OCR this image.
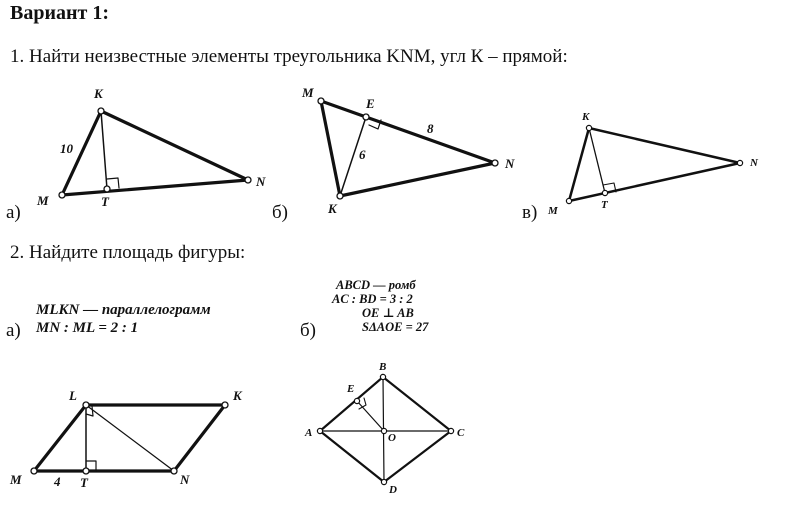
Вариант 1:
1. Найти неизвестные элементы треугольника KNM, угл К – прямой:
а)	б)	в)
2. Найдите площадь фигуры:
а)	б)
MLKN — параллелограмм
MN : ML = 2 : 1
ABCD — ромб
AC : BD = 3 : 2
OE ⊥ AB
SΔAOE = 27
K
M
N
T
10
M
E
N
K
8
6
K
M
N
T
L	K
M	T	N
4
A
B
C
D
E
O
